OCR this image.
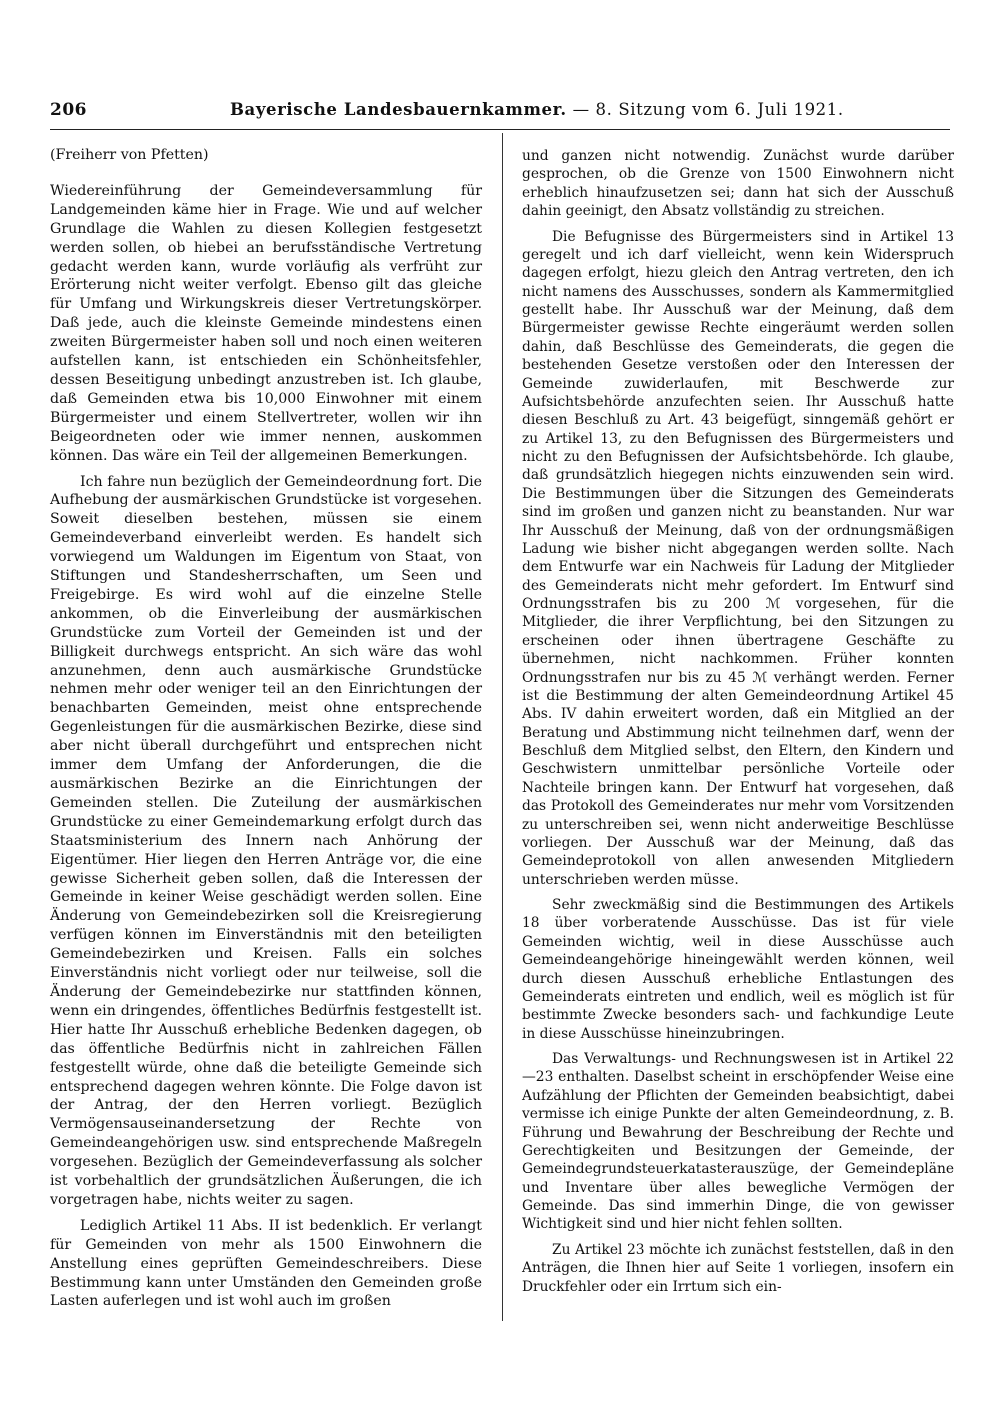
206	Bayerische Landesbauernkammer. — 8. Sitzung vom 6. Juli 1921.

(Freiherr von Pfetten)

Wiedereinführung der Gemeindeversammlung für Landgemeinden käme hier in Frage. Wie und auf welcher Grundlage die Wahlen zu diesen Kollegien festgesetzt werden sollen, ob hiebei an berufsständische Vertretung gedacht werden kann, wurde vorläufig als verfrüht zur Erörterung nicht weiter verfolgt. Ebenso gilt das gleiche für Umfang und Wirkungskreis dieser Vertretungskörper. Daß jede, auch die kleinste Gemeinde mindestens einen zweiten Bürgermeister haben soll und noch einen weiteren aufstellen kann, ist entschieden ein Schönheitsfehler, dessen Beseitigung unbedingt anzustreben ist. Ich glaube, daß Gemeinden etwa bis 10,000 Einwohner mit einem Bürgermeister und einem Stellvertreter, wollen wir ihn Beigeordneten oder wie immer nennen, auskommen können. Das wäre ein Teil der allgemeinen Bemerkungen.

Ich fahre nun bezüglich der Gemeindeordnung fort. Die Aufhebung der ausmärkischen Grundstücke ist vorgesehen. Soweit dieselben bestehen, müssen sie einem Gemeindeverband einverleibt werden. Es handelt sich vorwiegend um Waldungen im Eigentum von Staat, von Stiftungen und Standesherrschaften, um Seen und Freigebirge. Es wird wohl auf die einzelne Stelle ankommen, ob die Einverleibung der ausmärkischen Grundstücke zum Vorteil der Gemeinden ist und der Billigkeit durchwegs entspricht. An sich wäre das wohl anzunehmen, denn auch ausmärkische Grundstücke nehmen mehr oder weniger teil an den Einrichtungen der benachbarten Gemeinden, meist ohne entsprechende Gegenleistungen für die ausmärkischen Bezirke, diese sind aber nicht überall durchgeführt und entsprechen nicht immer dem Umfang der Anforderungen, die die ausmärkischen Bezirke an die Einrichtungen der Gemeinden stellen. Die Zuteilung der ausmärkischen Grundstücke zu einer Gemeindemarkung erfolgt durch das Staatsministerium des Innern nach Anhörung der Eigentümer. Hier liegen den Herren Anträge vor, die eine gewisse Sicherheit geben sollen, daß die Interessen der Gemeinde in keiner Weise geschädigt werden sollen. Eine Änderung von Gemeindebezirken soll die Kreisregierung verfügen können im Einverständnis mit den beteiligten Gemeindebezirken und Kreisen. Falls ein solches Einverständnis nicht vorliegt oder nur teilweise, soll die Änderung der Gemeindebezirke nur stattfinden können, wenn ein dringendes, öffentliches Bedürfnis festgestellt ist. Hier hatte Ihr Ausschuß erhebliche Bedenken dagegen, ob das öffentliche Bedürfnis nicht in zahlreichen Fällen festgestellt würde, ohne daß die beteiligte Gemeinde sich entsprechend dagegen wehren könnte. Die Folge davon ist der Antrag, der den Herren vorliegt. Bezüglich Vermögensauseinandersetzung der Rechte von Gemeindeangehörigen usw. sind entsprechende Maßregeln vorgesehen. Bezüglich der Gemeindeverfassung als solcher ist vorbehaltlich der grundsätzlichen Äußerungen, die ich vorgetragen habe, nichts weiter zu sagen.

Lediglich Artikel 11 Abs. II ist bedenklich. Er verlangt für Gemeinden von mehr als 1500 Einwohnern die Anstellung eines geprüften Gemeindeschreibers. Diese Bestimmung kann unter Umständen den Gemeinden große Lasten auferlegen und ist wohl auch im großen

und ganzen nicht notwendig. Zunächst wurde darüber gesprochen, ob die Grenze von 1500 Einwohnern nicht erheblich hinaufzusetzen sei; dann hat sich der Ausschuß dahin geeinigt, den Absatz vollständig zu streichen.

Die Befugnisse des Bürgermeisters sind in Artikel 13 geregelt und ich darf vielleicht, wenn kein Widerspruch dagegen erfolgt, hiezu gleich den Antrag vertreten, den ich nicht namens des Ausschusses, sondern als Kammermitglied gestellt habe. Ihr Ausschuß war der Meinung, daß dem Bürgermeister gewisse Rechte eingeräumt werden sollen dahin, daß Beschlüsse des Gemeinderats, die gegen die bestehenden Gesetze verstoßen oder den Interessen der Gemeinde zuwiderlaufen, mit Beschwerde zur Aufsichtsbehörde anzufechten seien. Ihr Ausschuß hatte diesen Beschluß zu Art. 43 beigefügt, sinngemäß gehört er zu Artikel 13, zu den Befugnissen des Bürgermeisters und nicht zu den Befugnissen der Aufsichtsbehörde. Ich glaube, daß grundsätzlich hiegegen nichts einzuwenden sein wird. Die Bestimmungen über die Sitzungen des Gemeinderats sind im großen und ganzen nicht zu beanstanden. Nur war Ihr Ausschuß der Meinung, daß von der ordnungsmäßigen Ladung wie bisher nicht abgegangen werden sollte. Nach dem Entwurfe war ein Nachweis für Ladung der Mitglieder des Gemeinderats nicht mehr gefordert. Im Entwurf sind Ordnungsstrafen bis zu 200 ℳ vorgesehen, für die Mitglieder, die ihrer Verpflichtung, bei den Sitzungen zu erscheinen oder ihnen übertragene Geschäfte zu übernehmen, nicht nachkommen. Früher konnten Ordnungsstrafen nur bis zu 45 ℳ verhängt werden. Ferner ist die Bestimmung der alten Gemeindeordnung Artikel 45 Abs. IV dahin erweitert worden, daß ein Mitglied an der Beratung und Abstimmung nicht teilnehmen darf, wenn der Beschluß dem Mitglied selbst, den Eltern, den Kindern und Geschwistern unmittelbar persönliche Vorteile oder Nachteile bringen kann. Der Entwurf hat vorgesehen, daß das Protokoll des Gemeinderates nur mehr vom Vorsitzenden zu unterschreiben sei, wenn nicht anderweitige Beschlüsse vorliegen. Der Ausschuß war der Meinung, daß das Gemeindeprotokoll von allen anwesenden Mitgliedern unterschrieben werden müsse.

Sehr zweckmäßig sind die Bestimmungen des Artikels 18 über vorberatende Ausschüsse. Das ist für viele Gemeinden wichtig, weil in diese Ausschüsse auch Gemeindeangehörige hineingewählt werden können, weil durch diesen Ausschuß erhebliche Entlastungen des Gemeinderats eintreten und endlich, weil es möglich ist für bestimmte Zwecke besonders sach- und fachkundige Leute in diese Ausschüsse hineinzubringen.

Das Verwaltungs- und Rechnungswesen ist in Artikel 22—23 enthalten. Daselbst scheint in erschöpfender Weise eine Aufzählung der Pflichten der Gemeinden beabsichtigt, dabei vermisse ich einige Punkte der alten Gemeindeordnung, z. B. Führung und Bewahrung der Beschreibung der Rechte und Gerechtigkeiten und Besitzungen der Gemeinde, der Gemeindegrundsteuerkatasterauszüge, der Gemeindepläne und Inventare über alles bewegliche Vermögen der Gemeinde. Das sind immerhin Dinge, die von gewisser Wichtigkeit sind und hier nicht fehlen sollten.

Zu Artikel 23 möchte ich zunächst feststellen, daß in den Anträgen, die Ihnen hier auf Seite 1 vorliegen, insofern ein Druckfehler oder ein Irrtum sich ein-
